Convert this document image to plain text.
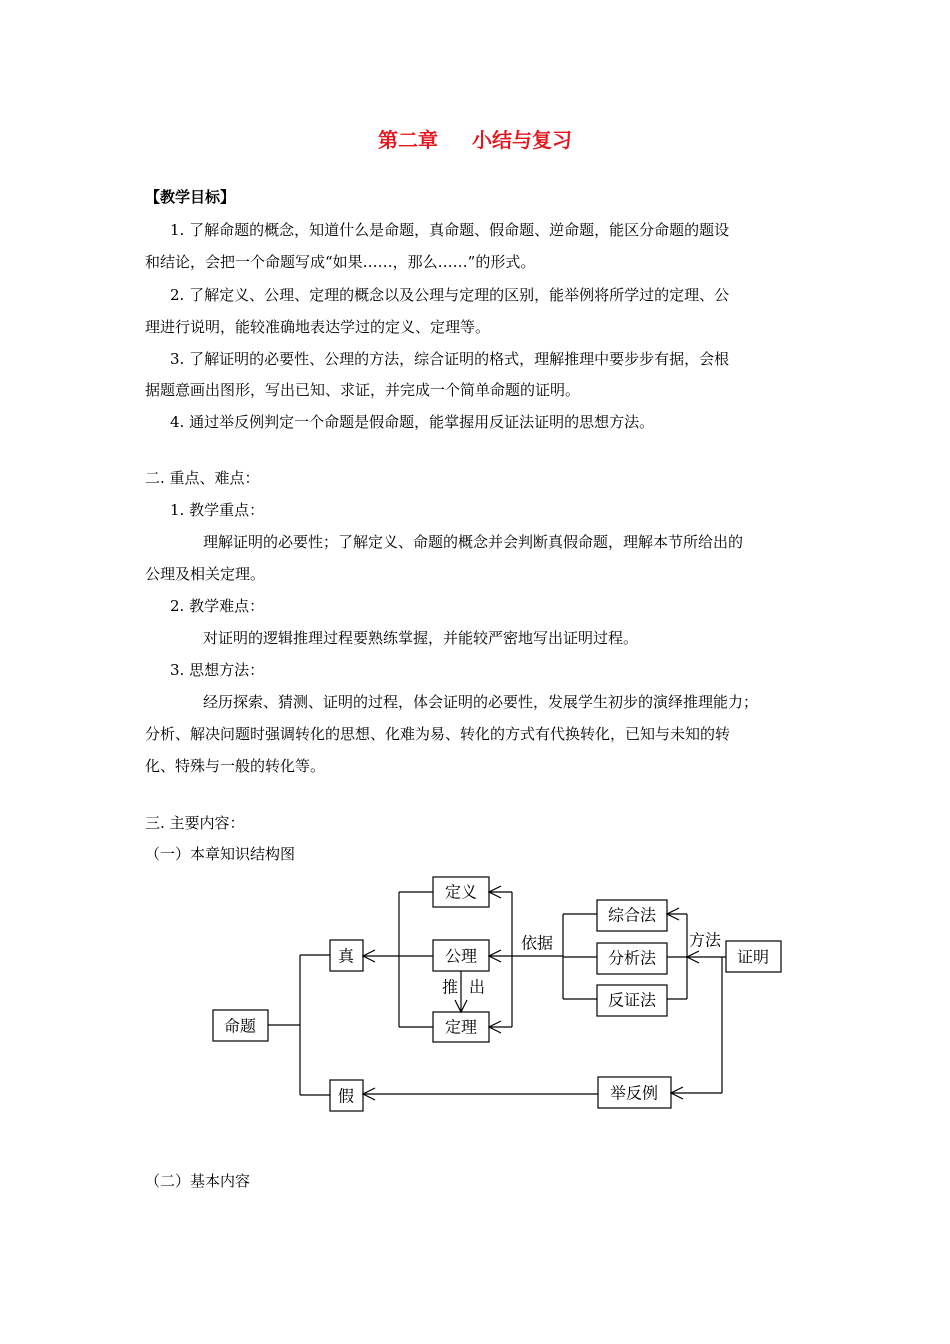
第二章 小结与复习
【教学目标】
1. 了解命题的概念，知道什么是命题，真命题、假命题、逆命题，能区分命题的题设
和结论，会把一个命题写成“如果……，那么……”的形式。
2. 了解定义、公理、定理的概念以及公理与定理的区别，能举例将所学过的定理、公
理进行说明，能较准确地表达学过的定义、定理等。
3. 了解证明的必要性、公理的方法，综合证明的格式，理解推理中要步步有据，会根
据题意画出图形，写出已知、求证，并完成一个简单命题的证明。
4. 通过举反例判定一个命题是假命题，能掌握用反证法证明的思想方法。
二. 重点、难点：
1. 教学重点：
理解证明的必要性；了解定义、命题的概念并会判断真假命题，理解本节所给出的
公理及相关定理。
2. 教学难点：
对证明的逻辑推理过程要熟练掌握，并能较严密地写出证明过程。
3. 思想方法：
经历探索、猜测、证明的过程，体会证明的必要性，发展学生初步的演绎推理能力；
分析、解决问题时强调转化的思想、化难为易、转化的方式有代换转化，已知与未知的转
化、特殊与一般的转化等。
三. 主要内容：
（一）本章知识结构图
命题
真
假
定义
公理
定理
推 出
依据
综合法
分析法
反证法
方法
证明
举反例
（二）基本内容
